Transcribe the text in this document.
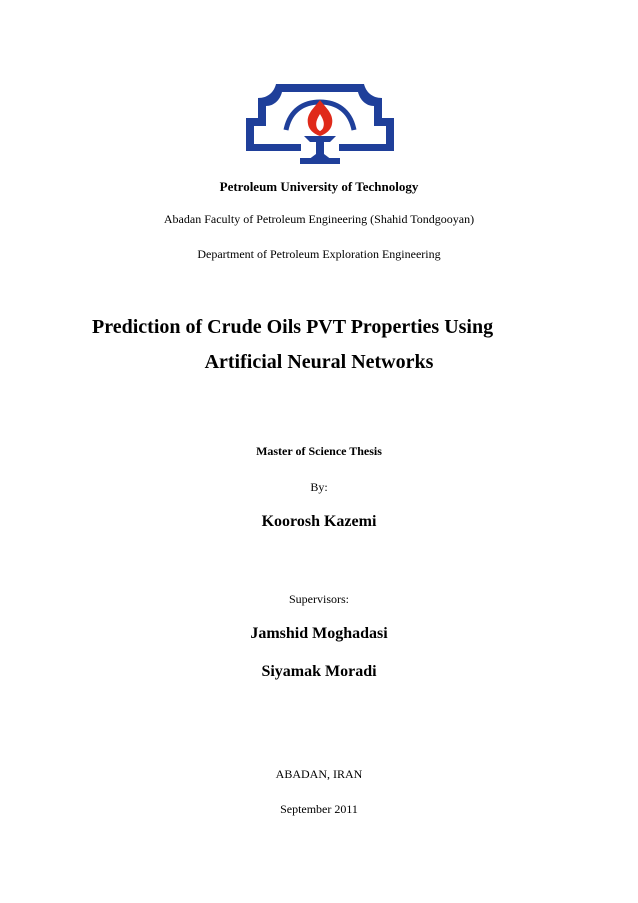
Petroleum University of Technology
Abadan Faculty of Petroleum Engineering (Shahid Tondgooyan)
Department of Petroleum Exploration Engineering
Prediction of Crude Oils PVT Properties Using
Artificial Neural Networks
Master of Science Thesis
By:
Koorosh Kazemi
Supervisors:
Jamshid Moghadasi
Siyamak Moradi
ABADAN, IRAN
September 2011
